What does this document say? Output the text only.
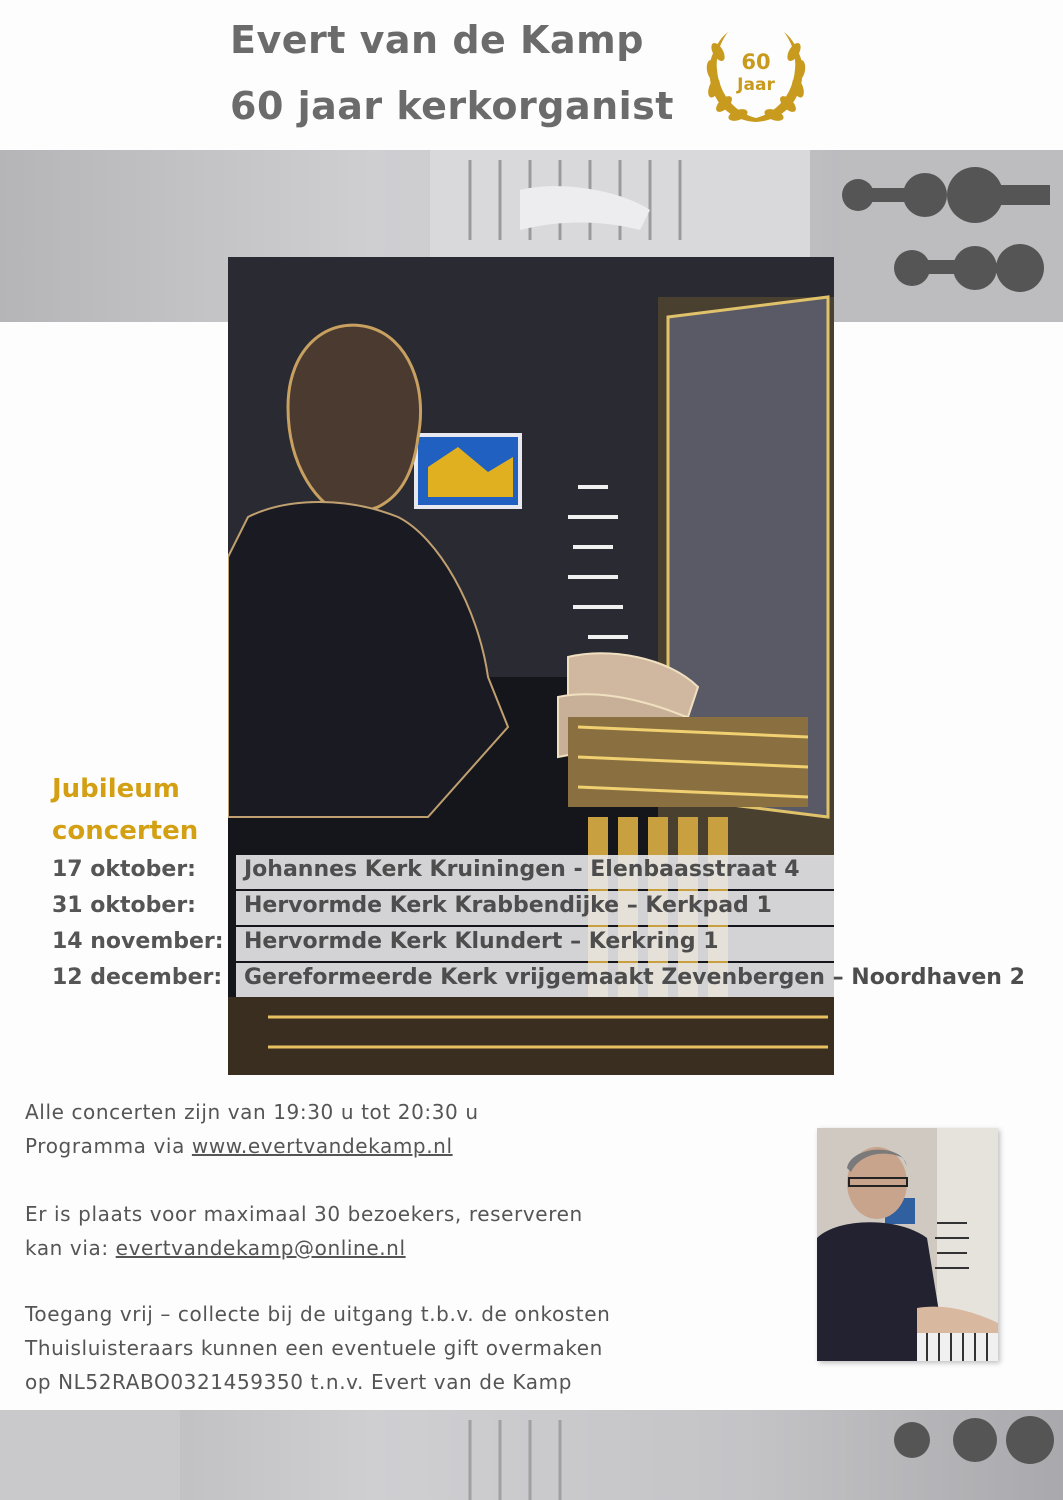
Evert van de Kamp
60 jaar kerkorganist
60
Jaar
Jubileum
concerten
17 oktober: Johannes Kerk Kruiningen - Elenbaasstraat 4
31 oktober: Hervormde Kerk Krabbendijke – Kerkpad 1
14 november: Hervormde Kerk Klundert – Kerkring 1
12 december: Gereformeerde Kerk vrijgemaakt Zevenbergen – Noordhaven 2
Alle concerten zijn van 19:30 u tot 20:30 u
Programma via www.evertvandekamp.nl
Er is plaats voor maximaal 30 bezoekers, reserveren
kan via: evertvandekamp@online.nl
Toegang vrij – collecte bij de uitgang t.b.v. de onkosten
Thuisluisteraars kunnen een eventuele gift overmaken
op NL52RABO0321459350 t.n.v. Evert van de Kamp
